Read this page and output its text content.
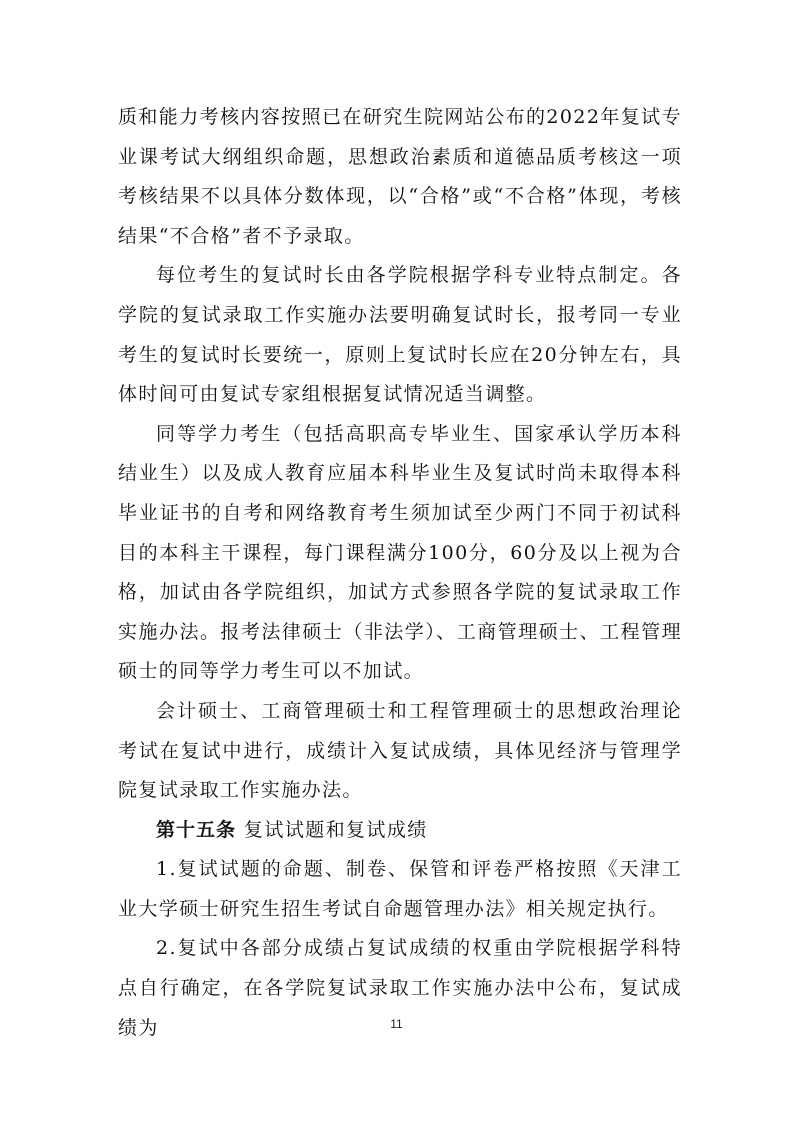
质和能力考核内容按照已在研究生院网站公布的2022年复试专业课考试大纲组织命题，思想政治素质和道德品质考核这一项考核结果不以具体分数体现，以“合格”或“不合格”体现，考核结果“不合格”者不予录取。

每位考生的复试时长由各学院根据学科专业特点制定。各学院的复试录取工作实施办法要明确复试时长，报考同一专业考生的复试时长要统一，原则上复试时长应在20分钟左右，具体时间可由复试专家组根据复试情况适当调整。

同等学力考生（包括高职高专毕业生、国家承认学历本科结业生）以及成人教育应届本科毕业生及复试时尚未取得本科毕业证书的自考和网络教育考生须加试至少两门不同于初试科目的本科主干课程，每门课程满分100分，60分及以上视为合格，加试由各学院组织，加试方式参照各学院的复试录取工作实施办法。报考法律硕士（非法学）、工商管理硕士、工程管理硕士的同等学力考生可以不加试。

会计硕士、工商管理硕士和工程管理硕士的思想政治理论考试在复试中进行，成绩计入复试成绩，具体见经济与管理学院复试录取工作实施办法。

第十五条 复试试题和复试成绩

1.复试试题的命题、制卷、保管和评卷严格按照《天津工业大学硕士研究生招生考试自命题管理办法》相关规定执行。

2.复试中各部分成绩占复试成绩的权重由学院根据学科特点自行确定，在各学院复试录取工作实施办法中公布，复试成绩为	11
